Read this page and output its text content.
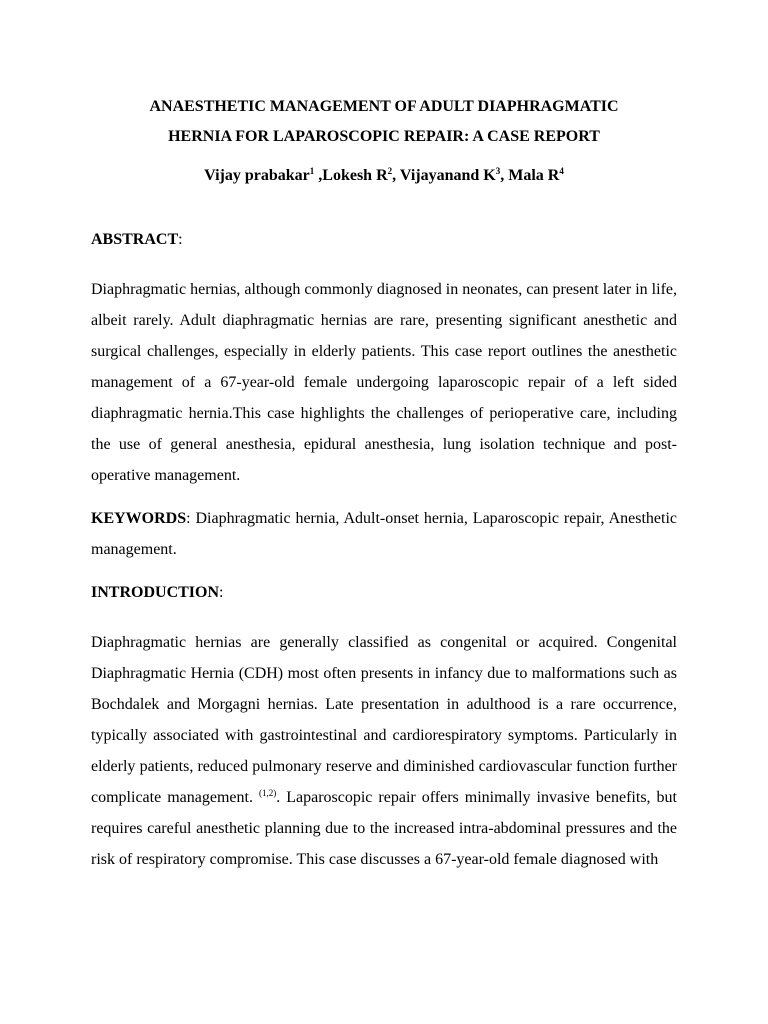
ANAESTHETIC MANAGEMENT OF ADULT DIAPHRAGMATIC
HERNIA FOR LAPAROSCOPIC REPAIR: A CASE REPORT
Vijay prabakar$^1$ ,Lokesh $R^2$, Vijayanand $K^3$, Mala $R^4$

ABSTRACT:

Diaphragmatic hernias, although commonly diagnosed in neonates, can present later in life, albeit rarely. Adult diaphragmatic hernias are rare, presenting significant anesthetic and surgical challenges, especially in elderly patients. This case report outlines the anesthetic management of a 67-year-old female undergoing laparoscopic repair of a left sided diaphragmatic hernia.This case highlights the challenges of perioperative care, including the use of general anesthesia, epidural anesthesia, lung isolation technique and post-operative management.

KEYWORDS: Diaphragmatic hernia, Adult-onset hernia, Laparoscopic repair, Anesthetic management.

INTRODUCTION:

Diaphragmatic hernias are generally classified as congenital or acquired. Congenital Diaphragmatic Hernia (CDH) most often presents in infancy due to malformations such as Bochdalek and Morgagni hernias. Late presentation in adulthood is a rare occurrence, typically associated with gastrointestinal and cardiorespiratory symptoms. Particularly in elderly patients, reduced pulmonary reserve and diminished cardiovascular function further complicate management. $^{(1,2)}$. Laparoscopic repair offers minimally invasive benefits, but requires careful anesthetic planning due to the increased intra-abdominal pressures and the risk of respiratory compromise. This case discusses a 67-year-old female diagnosed with
